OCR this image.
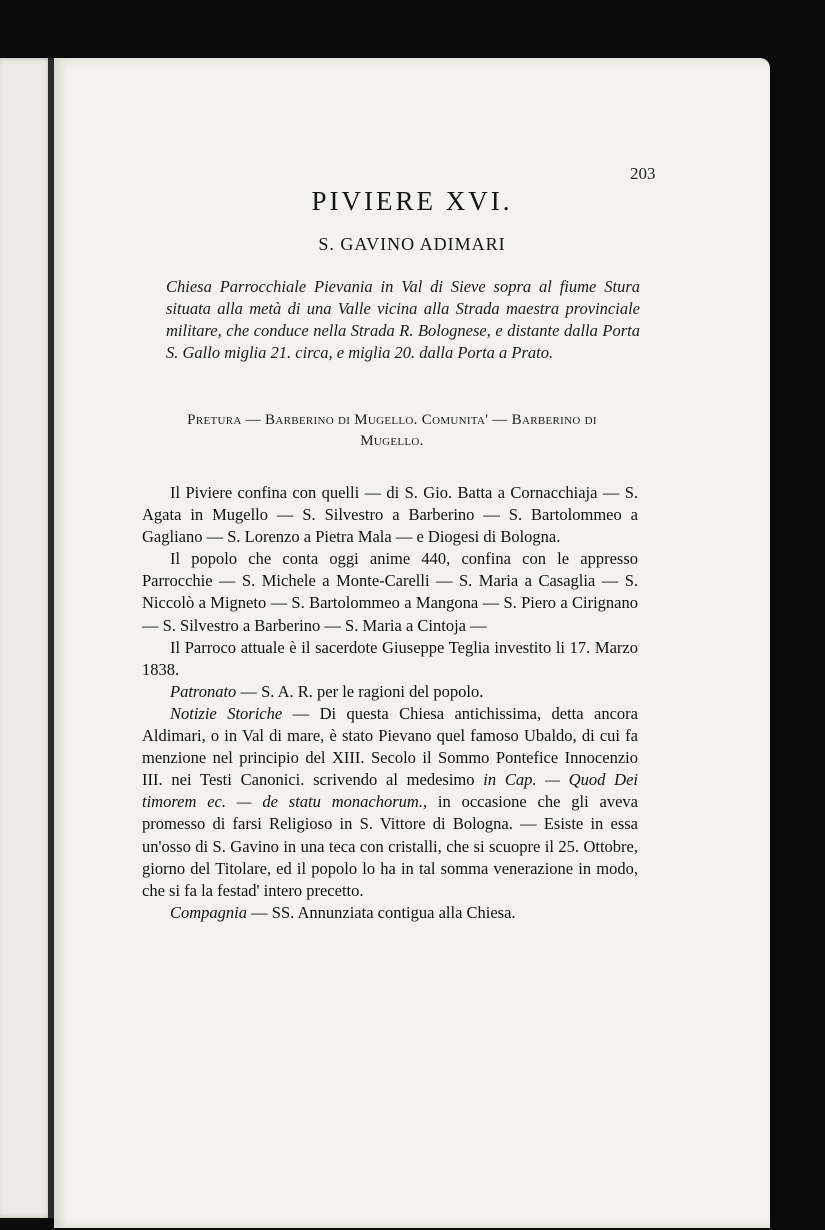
203
PIVIERE XVI.
S. GAVINO ADIMARI
Chiesa Parrocchiale Pievania in Val di Sieve sopra al fiume Stura situata alla metà di una Valle vicina alla Strada maestra provinciale militare, che conduce nella Strada R. Bolognese, e distante dalla Porta S. Gallo miglia 21. circa, e miglia 20. dalla Porta a Prato.
Pretura — Barberino di Mugello. Comunita' — Barberino di Mugello.

Il Piviere confina con quelli — di S. Gio. Batta a Cornacchiaja — S. Agata in Mugello — S. Silvestro a Barberino — S. Bartolommeo a Gagliano — S. Lorenzo a Pietra Mala — e Diogesi di Bologna.

Il popolo che conta oggi anime 440, confina con le appresso Parrocchie — S. Michele a Monte-Carelli — S. Maria a Casaglia — S. Niccolò a Migneto — S. Bartolommeo a Mangona — S. Piero a Cirignano — S. Silvestro a Barberino — S. Maria a Cintoja —

Il Parroco attuale è il sacerdote Giuseppe Teglia investito li 17. Marzo 1838.

Patronato — S. A. R. per le ragioni del popolo.

Notizie Storiche — Di questa Chiesa antichissima, detta ancora Aldimari, o in Val di mare, è stato Pievano quel famoso Ubaldo, di cui fa menzione nel principio del XIII. Secolo il Sommo Pontefice Innocenzio III. nei Testi Canonici. scrivendo al medesimo in Cap. — Quod Dei timorem ec. — de statu monachorum., in occasione che gli aveva promesso di farsi Religioso in S. Vittore di Bologna. — Esiste in essa un'osso di S. Gavino in una teca con cristalli, che si scuopre il 25. Ottobre, giorno del Titolare, ed il popolo lo ha in tal somma venerazione in modo, che si fa la festad' intero precetto.

Compagnia — SS. Annunziata contigua alla Chiesa.
